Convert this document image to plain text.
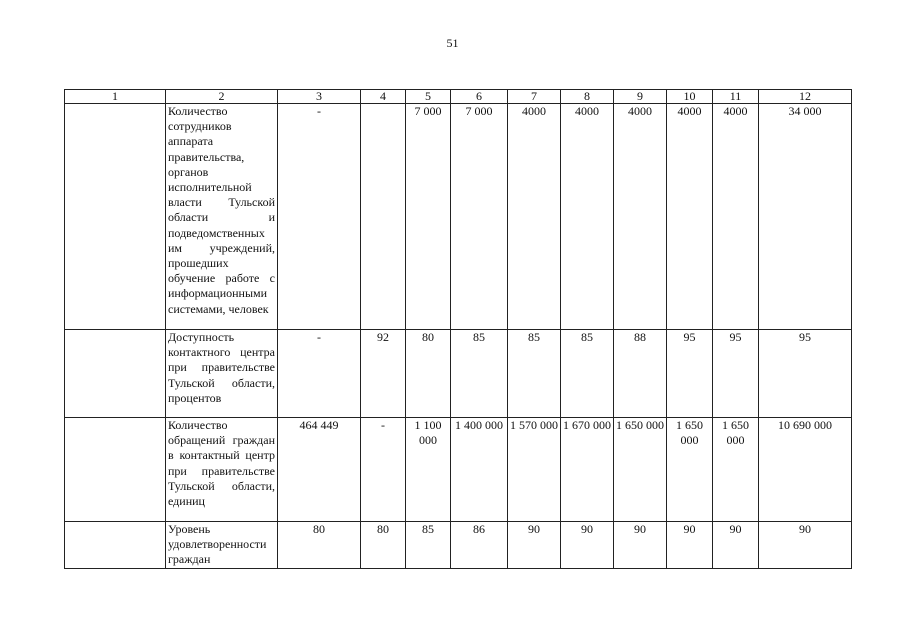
51
1	2	3	4	5	6	7	8	9	10	11	12
	Количество сотрудников аппарата правительства, органов исполнительной власти Тульской области и подведомственных им учреждений, прошедших обучение работе с информационными системами, человек	-		7 000	7 000	4000	4000	4000	4000	4000	34 000
	Доступность контактного центра при правительстве Тульской области, процентов	-	92	80	85	85	85	88	95	95	95
	Количество обращений граждан в контактный центр при правительстве Тульской области, единиц	464 449	-	1 100 000	1 400 000	1 570 000	1 670 000	1 650 000	1 650 000	1 650 000	10 690 000
	Уровень удовлетворенности граждан	80	80	85	86	90	90	90	90	90	90
